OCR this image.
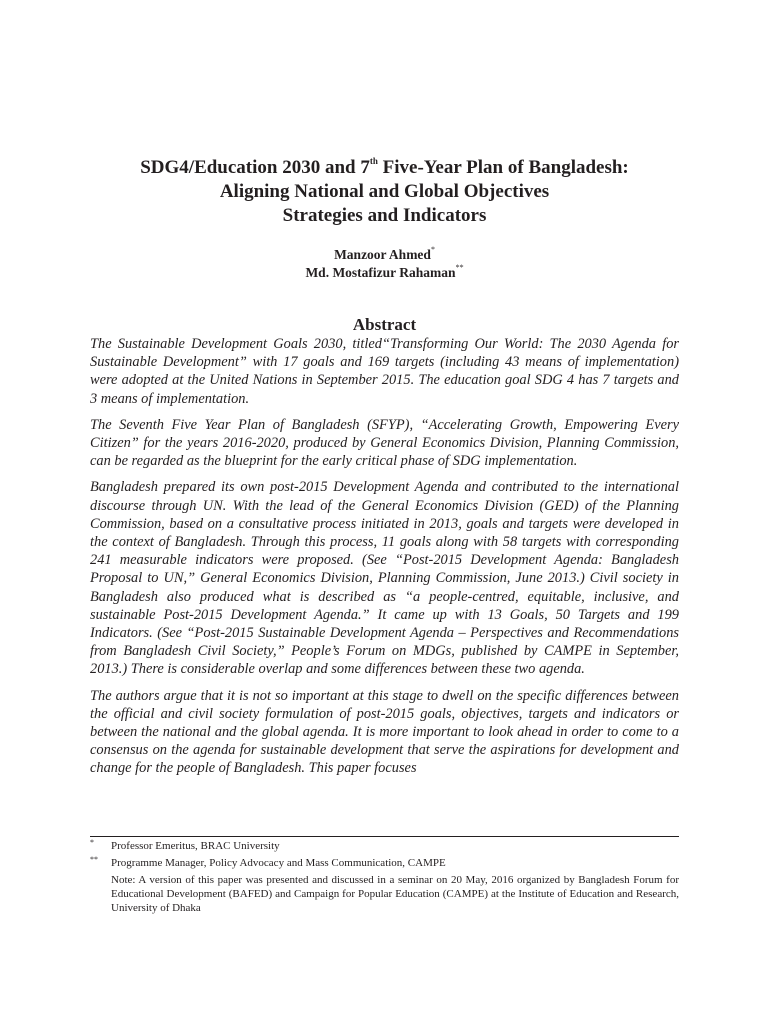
SDG4/Education 2030 and 7th Five-Year Plan of Bangladesh:
Aligning National and Global Objectives
Strategies and Indicators
Manzoor Ahmed*
Md. Mostafizur Rahaman**
Abstract

The Sustainable Development Goals 2030, titled“Transforming Our World: The 2030 Agenda for Sustainable Development” with 17 goals and 169 targets (including 43 means of implementation) were adopted at the United Nations in September 2015. The education goal SDG 4 has 7 targets and 3 means of implementation.

The Seventh Five Year Plan of Bangladesh (SFYP), “Accelerating Growth, Empowering Every Citizen” for the years 2016-2020, produced by General Economics Division, Planning Commission, can be regarded as the blueprint for the early critical phase of SDG implementation.

Bangladesh prepared its own post-2015 Development Agenda and contributed to the international discourse through UN. With the lead of the General Economics Division (GED) of the Planning Commission, based on a consultative process initiated in 2013, goals and targets were developed in the context of Bangladesh. Through this process, 11 goals along with 58 targets with corresponding 241 measurable indicators were proposed. (See “Post-2015 Development Agenda: Bangladesh Proposal to UN,” General Economics Division, Planning Commission, June 2013.) Civil society in Bangladesh also produced what is described as “a people-centred, equitable, inclusive, and sustainable Post-2015 Development Agenda.” It came up with 13 Goals, 50 Targets and 199 Indicators. (See “Post-2015 Sustainable Development Agenda – Perspectives and Recommendations from Bangladesh Civil Society,” People’s Forum on MDGs, published by CAMPE in September, 2013.) There is considerable overlap and some differences between these two agenda.

The authors argue that it is not so important at this stage to dwell on the specific differences between the official and civil society formulation of post-2015 goals, objectives, targets and indicators or between the national and the global agenda. It is more important to look ahead in order to come to a consensus on the agenda for sustainable development that serve the aspirations for development and change for the people of Bangladesh. This paper focuses

* Professor Emeritus, BRAC University
** Programme Manager, Policy Advocacy and Mass Communication, CAMPE
Note: A version of this paper was presented and discussed in a seminar on 20 May, 2016 organized by Bangladesh Forum for Educational Development (BAFED) and Campaign for Popular Education (CAMPE) at the Institute of Education and Research, University of Dhaka
